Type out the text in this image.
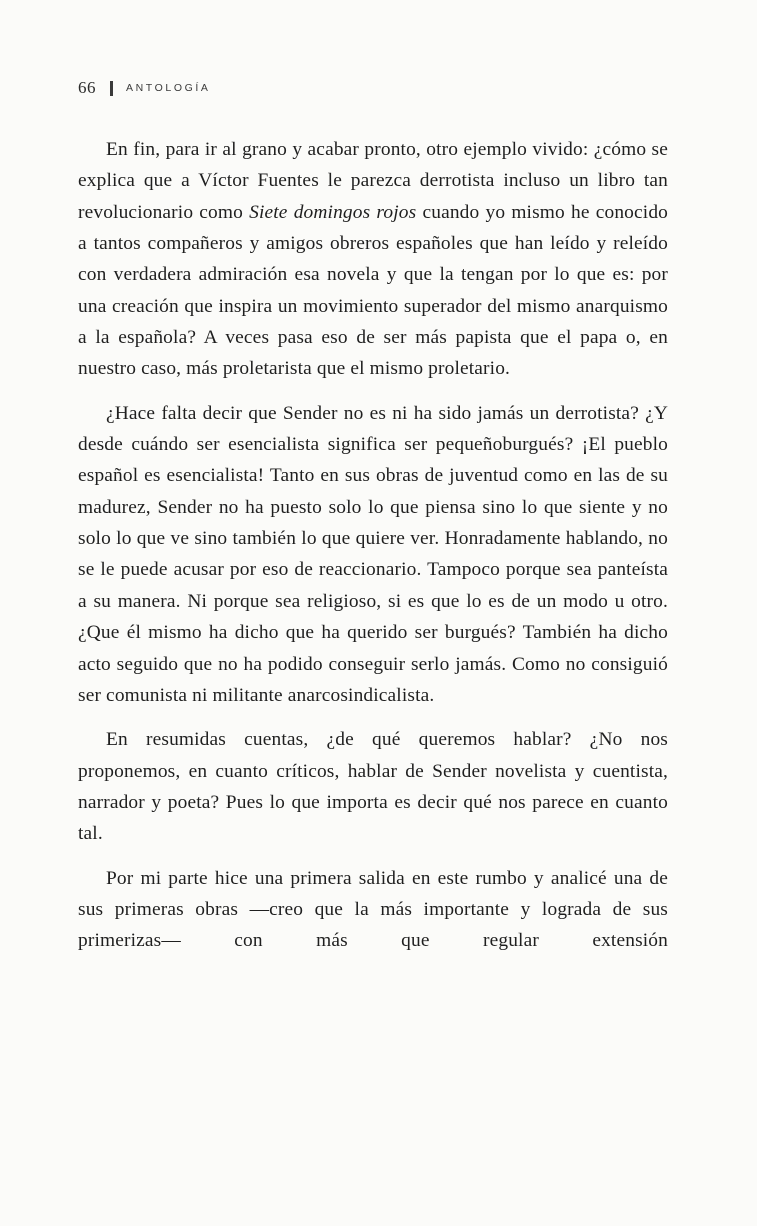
66	ANTOLOGÍA

En fin, para ir al grano y acabar pronto, otro ejemplo vivido: ¿cómo se explica que a Víctor Fuentes le parezca derrotista incluso un libro tan revolucionario como Siete domingos rojos cuando yo mismo he conocido a tantos compañeros y amigos obreros españoles que han leído y releído con verdadera admiración esa novela y que la tengan por lo que es: por una creación que inspira un movimiento superador del mismo anarquismo a la española? A veces pasa eso de ser más papista que el papa o, en nuestro caso, más proletarista que el mismo proletario.

¿Hace falta decir que Sender no es ni ha sido jamás un derrotista? ¿Y desde cuándo ser esencialista significa ser pequeñoburgués? ¡El pueblo español es esencialista! Tanto en sus obras de juventud como en las de su madurez, Sender no ha puesto solo lo que piensa sino lo que siente y no solo lo que ve sino también lo que quiere ver. Honradamente hablando, no se le puede acusar por eso de reaccionario. Tampoco porque sea panteísta a su manera. Ni porque sea religioso, si es que lo es de un modo u otro. ¿Que él mismo ha dicho que ha querido ser burgués? También ha dicho acto seguido que no ha podido conseguir serlo jamás. Como no consiguió ser comunista ni militante anarcosindicalista.

En resumidas cuentas, ¿de qué queremos hablar? ¿No nos proponemos, en cuanto críticos, hablar de Sender novelista y cuentista, narrador y poeta? Pues lo que importa es decir qué nos parece en cuanto tal.

Por mi parte hice una primera salida en este rumbo y analicé una de sus primeras obras —creo que la más importante y lograda de sus primerizas— con más que regular extensión
